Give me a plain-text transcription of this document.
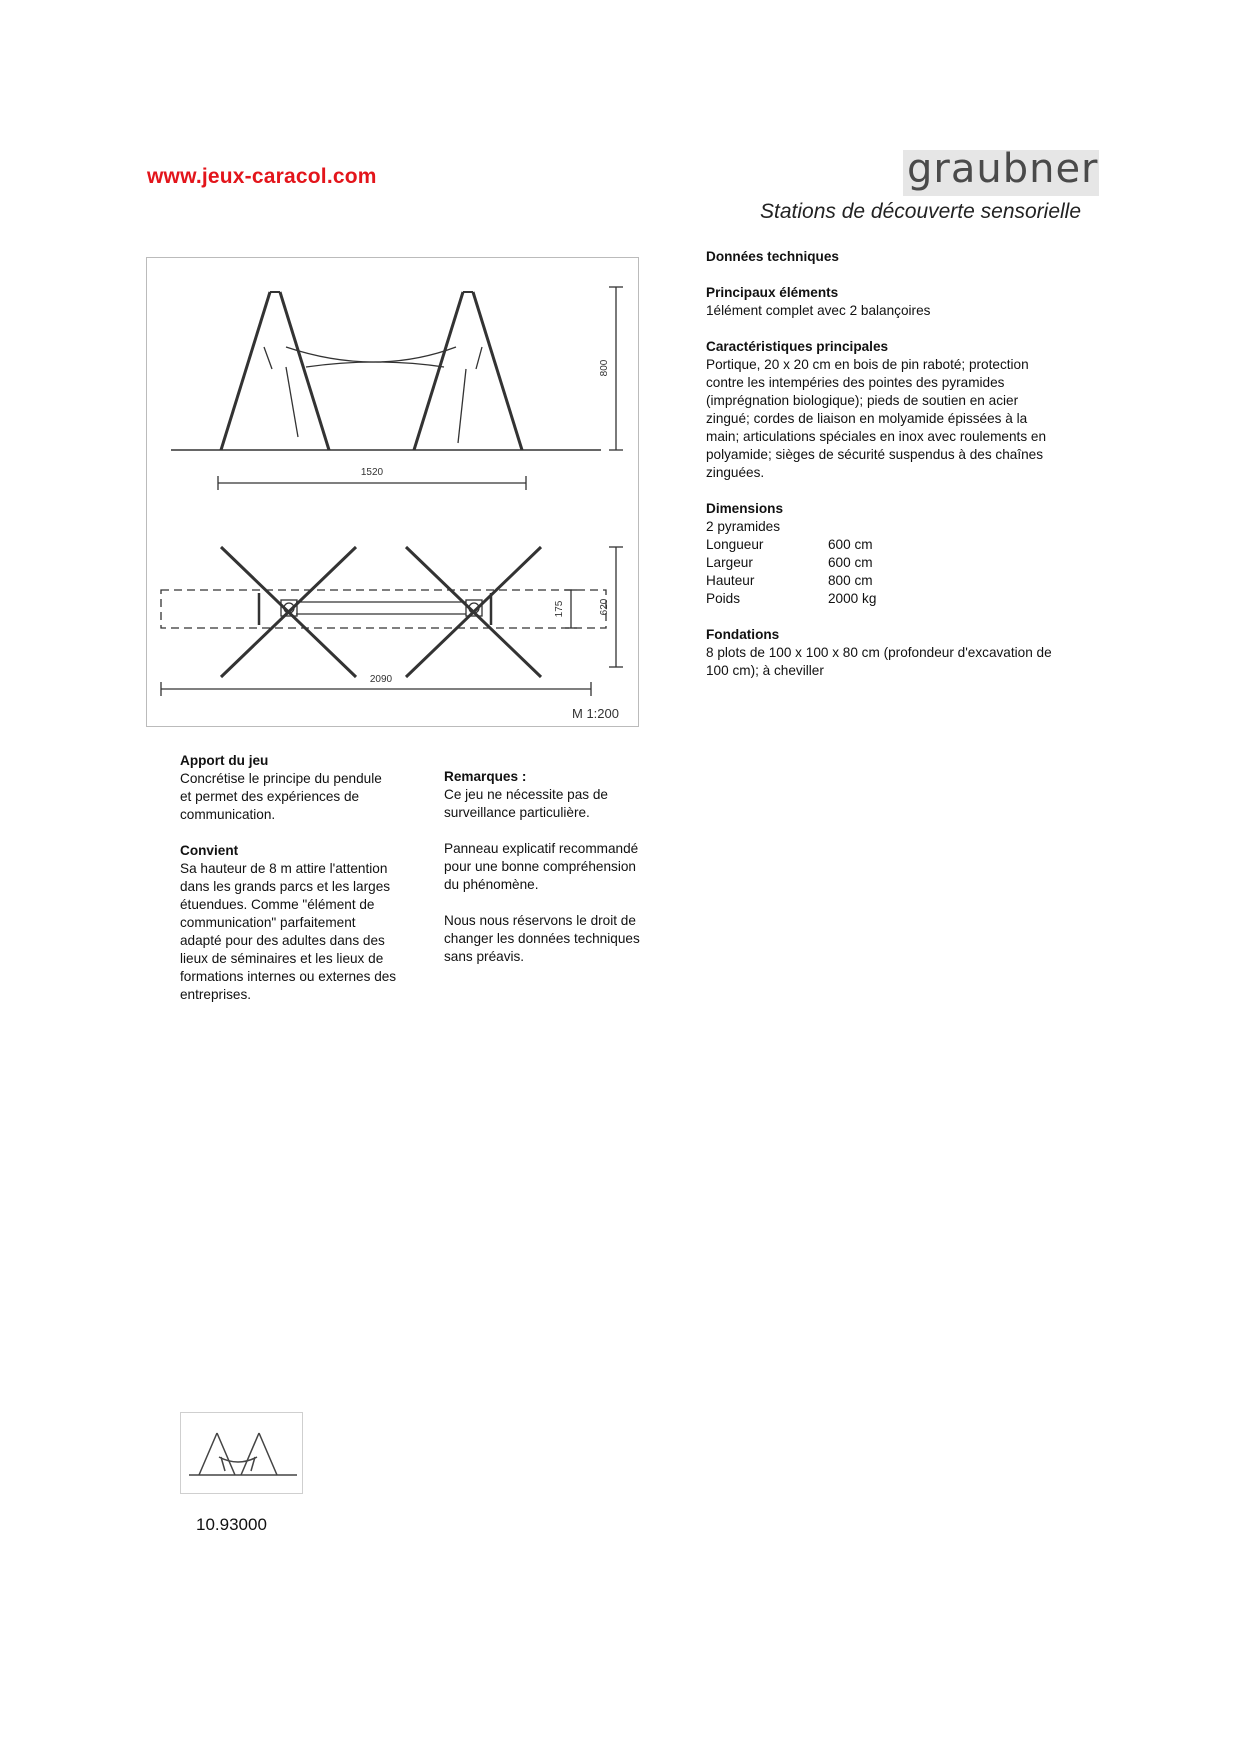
www.jeux-caracol.com	graubner
Stations de découverte sensorielle
800
1520
175	620
2090
M 1:200
Données techniques
Principaux éléments

1élément complet avec 2 balançoires

Caractéristiques principales

Portique, 20 x 20 cm en bois de pin raboté; protection

contre les intempéries des pointes des pyramides

(imprégnation biologique); pieds de soutien en acier

zingué; cordes de liaison en molyamide épissées à la

main; articulations spéciales en inox avec roulements en

polyamide; sièges de sécurité suspendus à des chaînes

zinguées.

Dimensions

2 pyramides

Longueur	600 cm
Largeur	600 cm
Hauteur	800 cm
Poids	2000 kg
Fondations

8 plots de 100 x 100 x 80 cm (profondeur d'excavation de

100 cm); à cheviller

Apport du jeu

Concrétise le principe du pendule

et permet des expériences de

communication.

Convient

Sa hauteur de 8 m attire l'attention

dans les grands parcs et les larges

étuendues. Comme "élément de

communication" parfaitement

adapté pour des adultes dans des

lieux de séminaires et les lieux de

formations internes ou externes des

entreprises.

Remarques :

Ce jeu ne nécessite pas de

surveillance particulière.

Panneau explicatif recommandé

pour une bonne compréhension

du phénomène.

Nous nous réservons le droit de

changer les données techniques

sans préavis.

10.93000
